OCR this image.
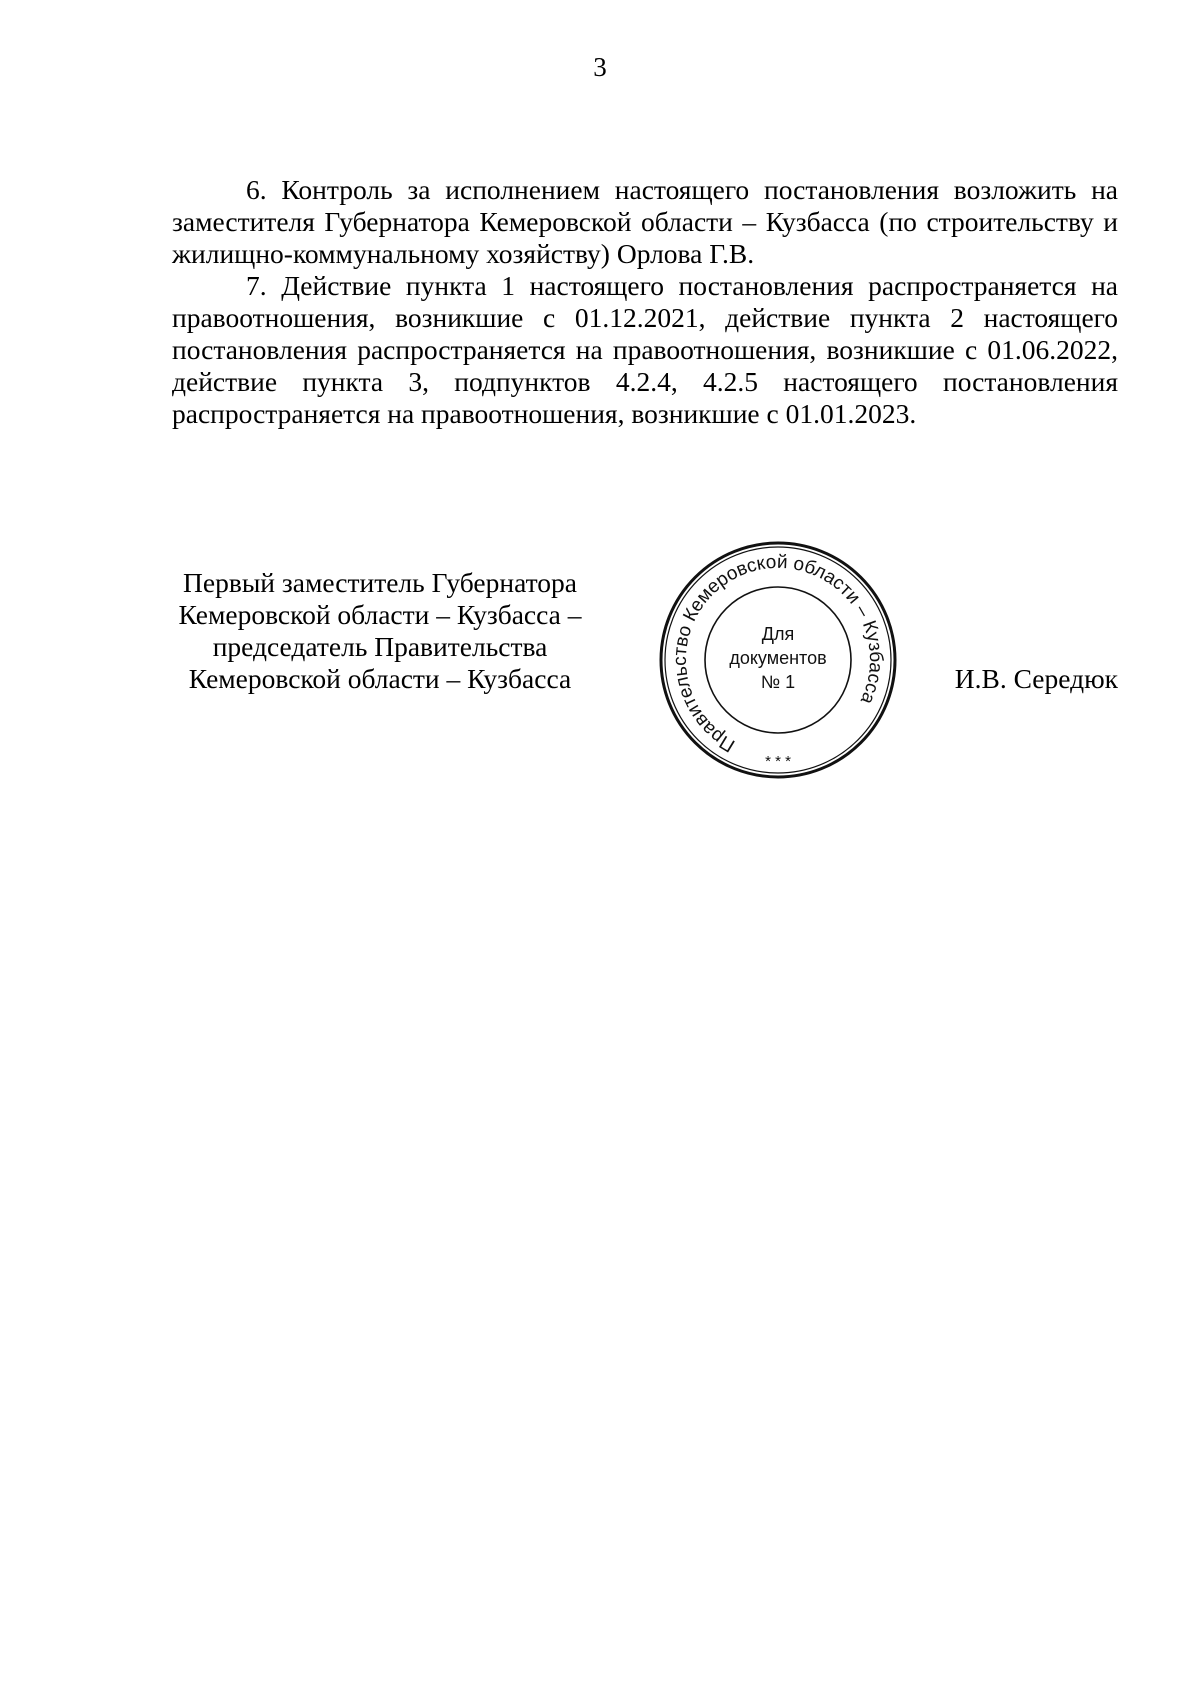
3

6. Контроль за исполнением настоящего постановления возложить на заместителя Губернатора Кемеровской области – Кузбасса (по строительству и жилищно-коммунальному хозяйству) Орлова Г.В.

7. Действие пункта 1 настоящего постановления распространяется на правоотношения, возникшие с 01.12.2021, действие пункта 2 настоящего постановления распространяется на правоотношения, возникшие с 01.06.2022, действие пункта 3, подпунктов 4.2.4, 4.2.5 настоящего постановления распространяется на правоотношения, возникшие с 01.01.2023.

Первый заместитель Губернатора
Кемеровской области – Кузбасса –
председатель Правительства
Кемеровской области – Кузбасса
Правительство Кемеровской области – Кузбасса
* * *
Для
документов
№ 1	И.В. Середюк
